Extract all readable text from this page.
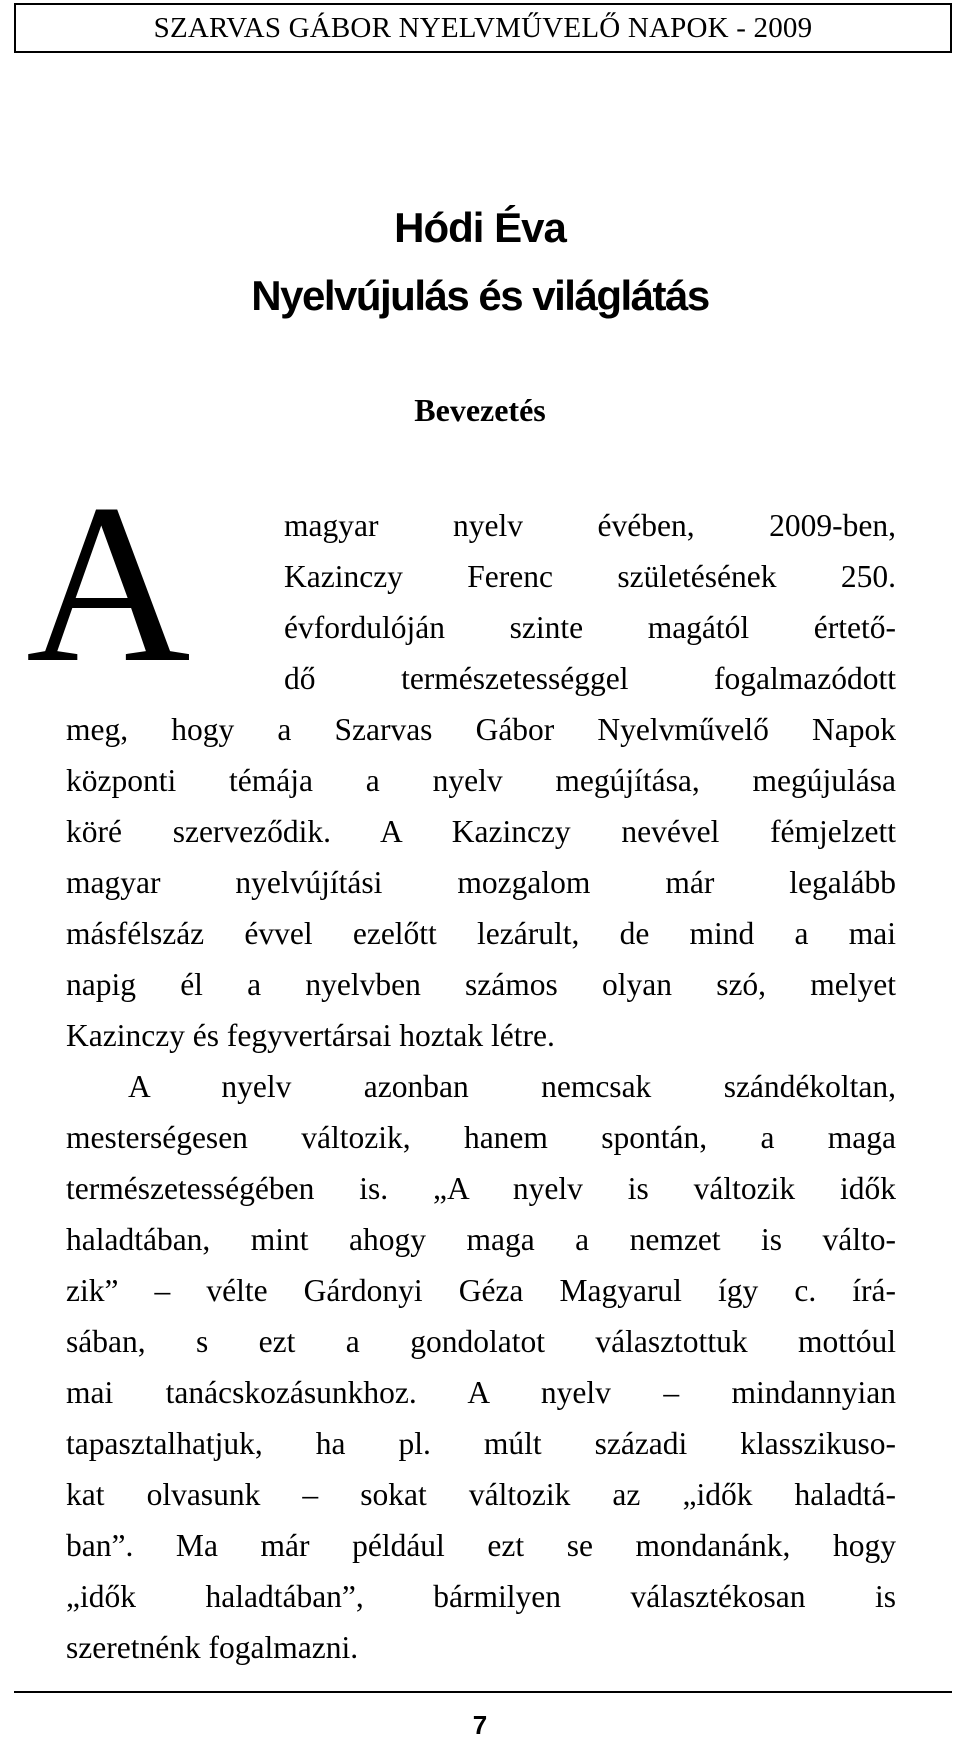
SZARVAS GÁBOR NYELVMŰVELŐ NAPOK - 2009
Hódi Éva
Nyelvújulás és világlátás
Bevezetés
A	magyar nyelv évében, 2009-ben,
Kazinczy Ferenc születésének 250.
évfordulóján szinte magától értető-
dő természetességgel fogalmazódott
meg, hogy a Szarvas Gábor Nyelvművelő Napok
központi témája a nyelv megújítása, megújulása
köré szerveződik. A Kazinczy nevével fémjelzett
magyar nyelvújítási mozgalom már legalább
másfélszáz évvel ezelőtt lezárult, de mind a mai
napig él a nyelvben számos olyan szó, melyet
Kazinczy és fegyvertársai hoztak létre.
A nyelv azonban nemcsak szándékoltan,
mesterségesen változik, hanem spontán, a maga
természetességében is. „A nyelv is változik idők
haladtában, mint ahogy maga a nemzet is válto-
zik” – vélte Gárdonyi Géza Magyarul így c. írá-
sában, s ezt a gondolatot választottuk mottóul
mai tanácskozásunkhoz. A nyelv – mindannyian
tapasztalhatjuk, ha pl. múlt századi klasszikuso-
kat olvasunk – sokat változik az „idők haladtá-
ban”. Ma már például ezt se mondanánk, hogy
„idők haladtában”, bármilyen választékosan is
szeretnénk fogalmazni.
7
